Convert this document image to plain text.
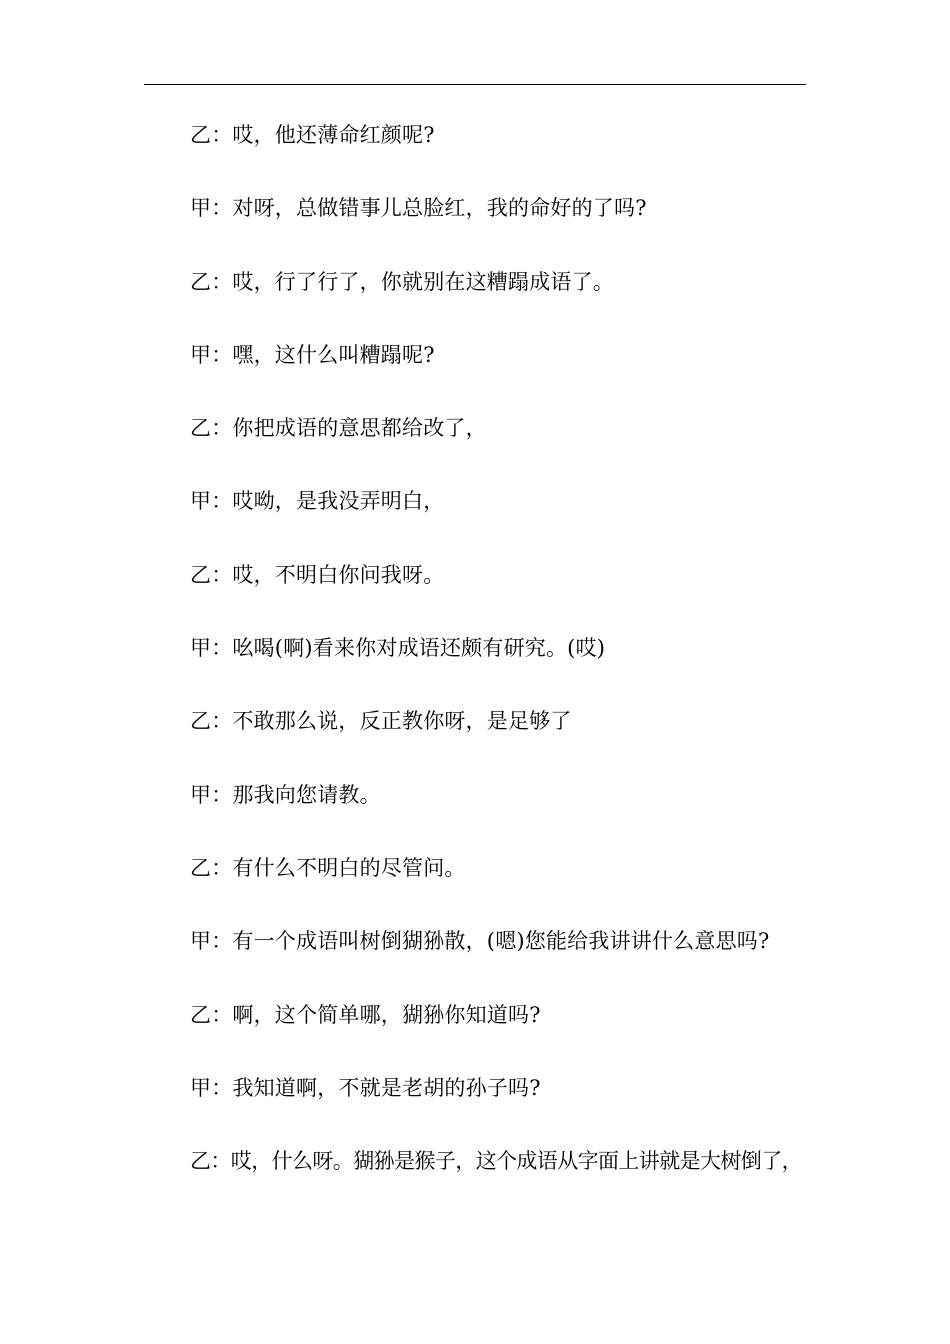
乙：哎，他还薄命红颜呢?
甲：对呀，总做错事儿总脸红，我的命好的了吗?
乙：哎，行了行了，你就别在这糟蹋成语了。
甲：嘿，这什么叫糟蹋呢?
乙：你把成语的意思都给改了，
甲：哎呦，是我没弄明白，
乙：哎，不明白你问我呀。
甲：吆喝(啊)看来你对成语还颇有研究。(哎)
乙：不敢那么说，反正教你呀，是足够了
甲：那我向您请教。
乙：有什么不明白的尽管问。
甲：有一个成语叫树倒猢狲散，(嗯)您能给我讲讲什么意思吗?
乙：啊，这个简单哪，猢狲你知道吗?
甲：我知道啊，不就是老胡的孙子吗?
乙：哎，什么呀。猢狲是猴子，这个成语从字面上讲就是大树倒了，
